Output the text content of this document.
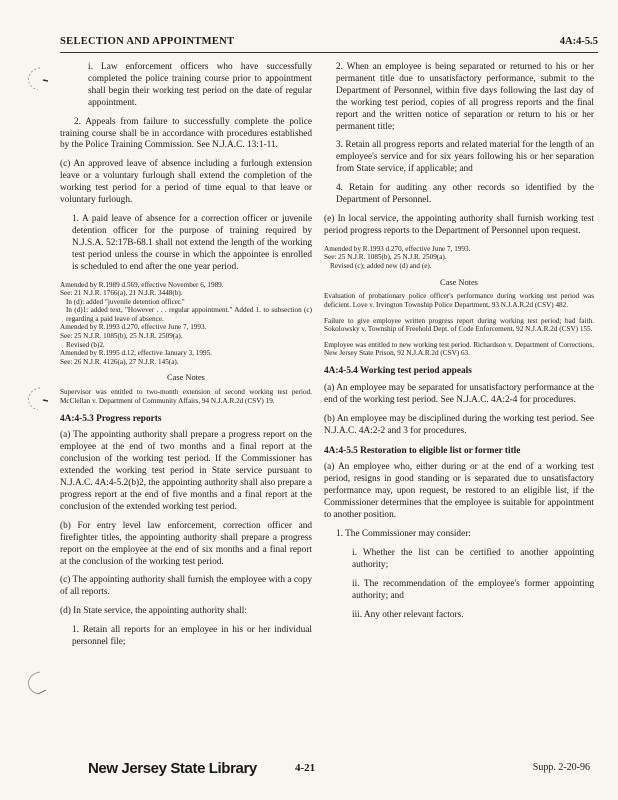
SELECTION AND APPOINTMENT	4A:4-5.5

i. Law enforcement officers who have successfully completed the police training course prior to appointment shall begin their working test period on the date of regular appointment.

2. Appeals from failure to successfully complete the police training course shall be in accordance with procedures established by the Police Training Commission. See N.J.A.C. 13:1-11.

(c) An approved leave of absence including a furlough extension leave or a voluntary furlough shall extend the completion of the working test period for a period of time equal to that leave or voluntary furlough.

1. A paid leave of absence for a correction officer or juvenile detention officer for the purpose of training required by N.J.S.A. 52:17B-68.1 shall not extend the length of the working test period unless the course in which the appointee is enrolled is scheduled to end after the one year period.

Amended by R.1989 d.569, effective November 6, 1989.
See: 21 N.J.R. 1766(a), 21 N.J.R. 3448(b).
In (d): added "juvenile detention officer."
In (d)1: added text, "However . . . regular appointment." Added 1. to subsection (c) regarding a paid leave of absence.
Amended by R.1993 d.270, effective June 7, 1993.
See: 25 N.J.R. 1085(b), 25 N.J.R. 2509(a).
Revised (b)2.
Amended by R.1995 d.12, effective January 3, 1995.
See: 26 N.J.R. 4126(a), 27 N.J.R. 145(a).

Case Notes

Supervisor was entitled to two-month extension of second working test period. McClellan v. Department of Community Affairs, 94 N.J.A.R.2d (CSV) 19.

4A:4-5.3 Progress reports

(a) The appointing authority shall prepare a progress report on the employee at the end of two months and a final report at the conclusion of the working test period. If the Commissioner has extended the working test period in State service pursuant to N.J.A.C. 4A:4-5.2(b)2, the appointing authority shall also prepare a progress report at the end of five months and a final report at the conclusion of the extended working test period.

(b) For entry level law enforcement, correction officer and firefighter titles, the appointing authority shall prepare a progress report on the employee at the end of six months and a final report at the conclusion of the working test period.

(c) The appointing authority shall furnish the employee with a copy of all reports.

(d) In State service, the appointing authority shall:

1. Retain all reports for an employee in his or her individual personnel file;

2. When an employee is being separated or returned to his or her permanent title due to unsatisfactory performance, submit to the Department of Personnel, within five days following the last day of the working test period, copies of all progress reports and the final report and the written notice of separation or return to his or her permanent title;

3. Retain all progress reports and related material for the length of an employee's service and for six years following his or her separation from State service, if applicable; and

4. Retain for auditing any other records so identified by the Department of Personnel.

(e) In local service, the appointing authority shall furnish working test period progress reports to the Department of Personnel upon request.

Amended by R.1993 d.270, effective June 7, 1993.
See: 25 N.J.R. 1085(b), 25 N.J.R. 2509(a).
Revised (c); added new (d) and (e).

Case Notes

Evaluation of probationary police officer's performance during working test period was deficient. Love v. Irvington Township Police Department, 93 N.J.A.R.2d (CSV) 482.

Failure to give employee written progress report during working test period; bad faith. Sokolowsky v. Township of Freehold Dept. of Code Enforcement, 92 N.J.A.R.2d (CSV) 155.

Employee was entitled to new working test period. Richardson v. Department of Corrections, New Jersey State Prison, 92 N.J.A.R.2d (CSV) 63.

4A:4-5.4 Working test period appeals

(a) An employee may be separated for unsatisfactory performance at the end of the working test period. See N.J.A.C. 4A:2-4 for procedures.

(b) An employee may be disciplined during the working test period. See N.J.A.C. 4A:2-2 and 3 for procedures.

4A:4-5.5 Restoration to eligible list or former title

(a) An employee who, either during or at the end of a working test period, resigns in good standing or is separated due to unsatisfactory performance may, upon request, be restored to an eligible list, if the Commissioner determines that the employee is suitable for appointment to another position.

1. The Commissioner may consider:

i. Whether the list can be certified to another appointing authority;

ii. The recommendation of the employee's former appointing authority; and

iii. Any other relevant factors.

New Jersey State Library	4-21	Supp. 2-20-96
